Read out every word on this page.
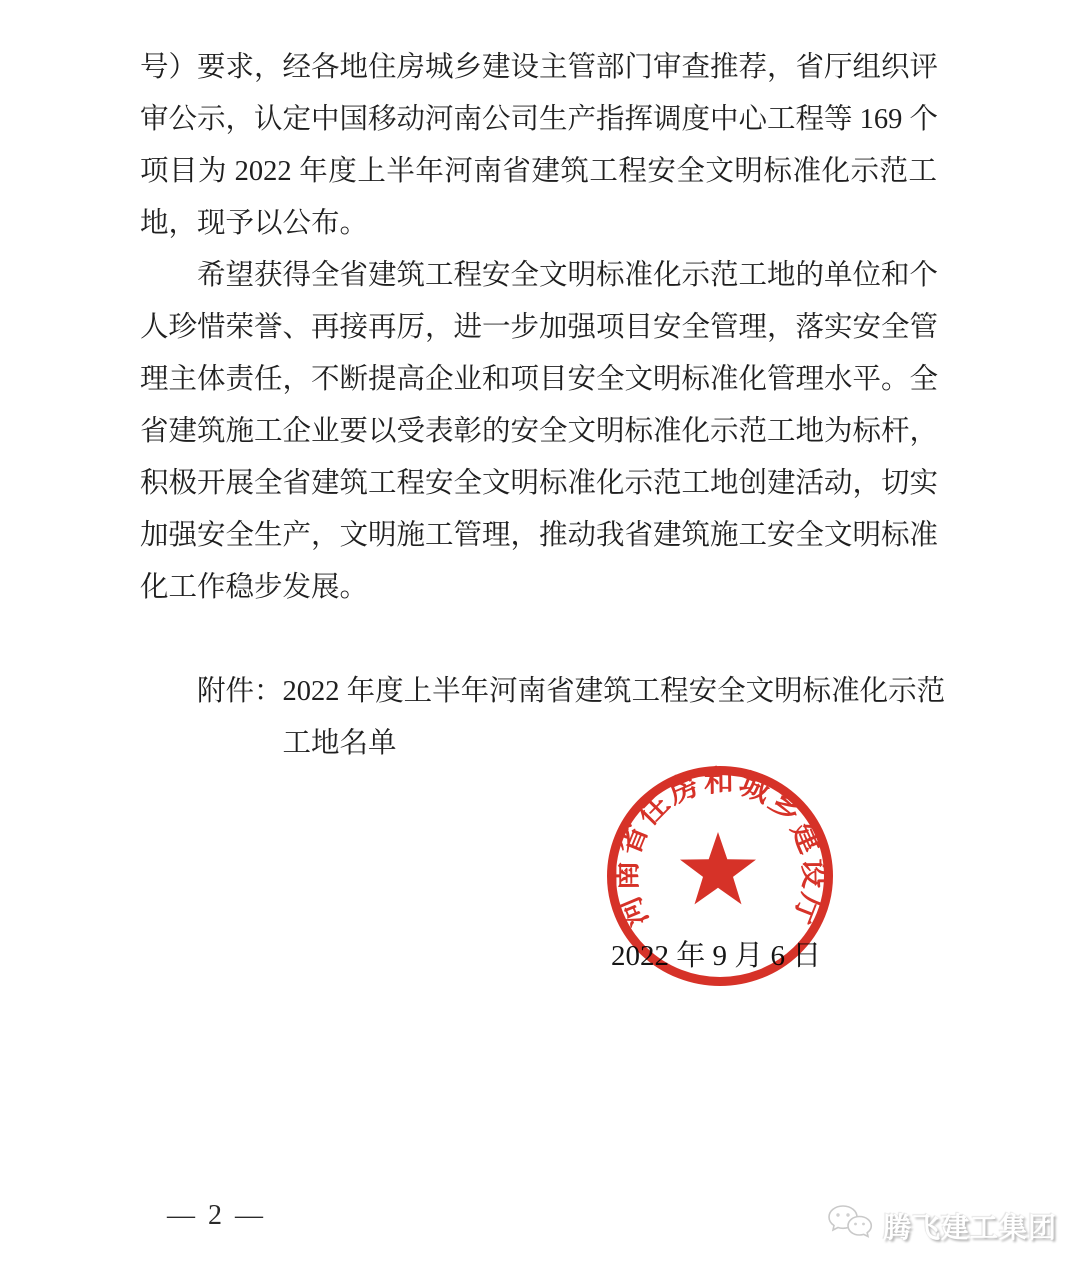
号）要求，经各地住房城乡建设主管部门审查推荐，省厅组织评
审公示，认定中国移动河南公司生产指挥调度中心工程等 169 个
项目为 2022 年度上半年河南省建筑工程安全文明标准化示范工
地，现予以公布。
　　希望获得全省建筑工程安全文明标准化示范工地的单位和个
人珍惜荣誉、再接再厉，进一步加强项目安全管理，落实安全管
理主体责任，不断提高企业和项目安全文明标准化管理水平。全
省建筑施工企业要以受表彰的安全文明标准化示范工地为标杆，
积极开展全省建筑工程安全文明标准化示范工地创建活动，切实
加强安全生产，文明施工管理，推动我省建筑施工安全文明标准
化工作稳步发展。
　　附件：2022 年度上半年河南省建筑工程安全文明标准化示范
　　　　　工地名单
2022 年 9 月 6 日
河南省住房和城乡建设厅
— 2 —	腾飞建工集团
